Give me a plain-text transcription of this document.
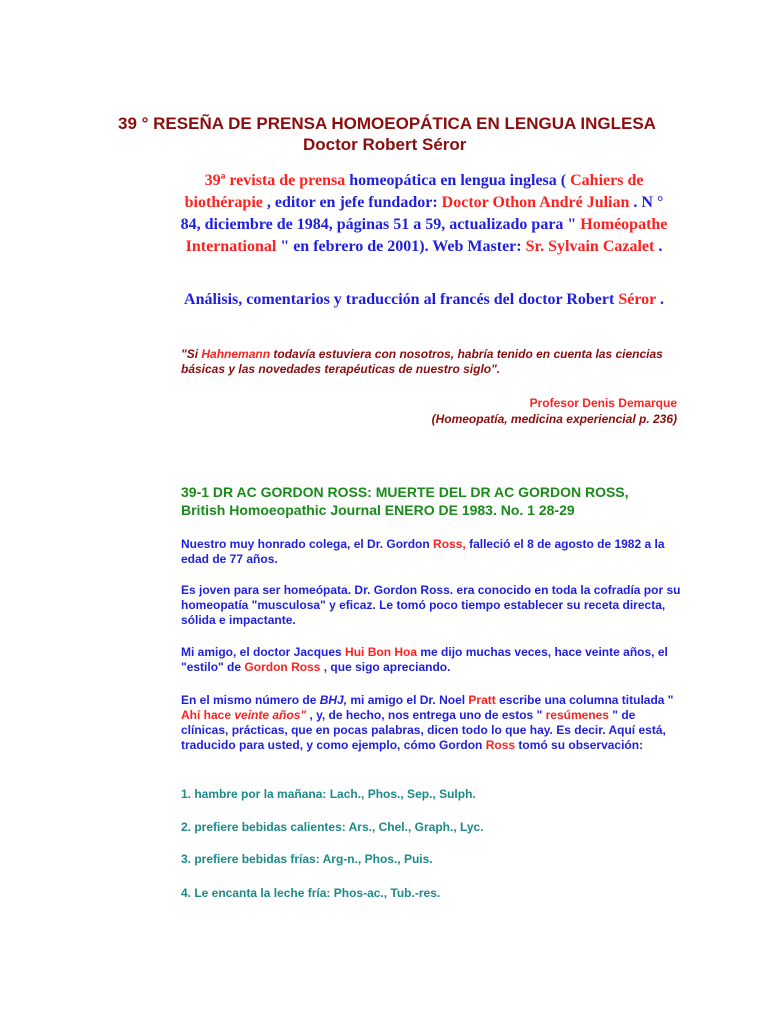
39 ° RESEÑA DE PRENSA HOMOEOPÁTICA EN LENGUA INGLESA
Doctor Robert Séror
39ª revista de prensa homeopática en lengua inglesa ( Cahiers de biothérapie , editor en jefe fundador: Doctor Othon André Julian . N ° 84, diciembre de 1984, páginas 51 a 59, actualizado para " Homéopathe International " en febrero de 2001). Web Master: Sr. Sylvain Cazalet .
Análisis, comentarios y traducción al francés del doctor Robert Séror .
"Si Hahnemann todavía estuviera con nosotros, habría tenido en cuenta las ciencias básicas y las novedades terapéuticas de nuestro siglo".
Profesor Denis Demarque
(Homeopatía, medicina experiencial p. 236)
39-1 DR AC GORDON ROSS: MUERTE DEL DR AC GORDON ROSS,
British Homoeopathic Journal ENERO DE 1983. No. 1 28-29
Nuestro muy honrado colega, el Dr. Gordon Ross, falleció el 8 de agosto de 1982 a la edad de 77 años.
Es joven para ser homeópata. Dr. Gordon Ross. era conocido en toda la cofradía por su homeopatía "musculosa" y eficaz. Le tomó poco tiempo establecer su receta directa, sólida e impactante.
Mi amigo, el doctor Jacques Hui Bon Hoa me dijo muchas veces, hace veinte años, el "estilo" de Gordon Ross , que sigo apreciando.
En el mismo número de BHJ, mi amigo el Dr. Noel Pratt escribe una columna titulada " Ahí hace veinte años" , y, de hecho, nos entrega uno de estos " resúmenes " de clínicas, prácticas, que en pocas palabras, dicen todo lo que hay. Es decir. Aquí está, traducido para usted, y como ejemplo, cómo Gordon Ross tomó su observación:
1. hambre por la mañana: Lach., Phos., Sep., Sulph.
2. prefiere bebidas calientes: Ars., Chel., Graph., Lyc.
3. prefiere bebidas frías: Arg-n., Phos., Puis.
4. Le encanta la leche fría: Phos-ac., Tub.-res.
